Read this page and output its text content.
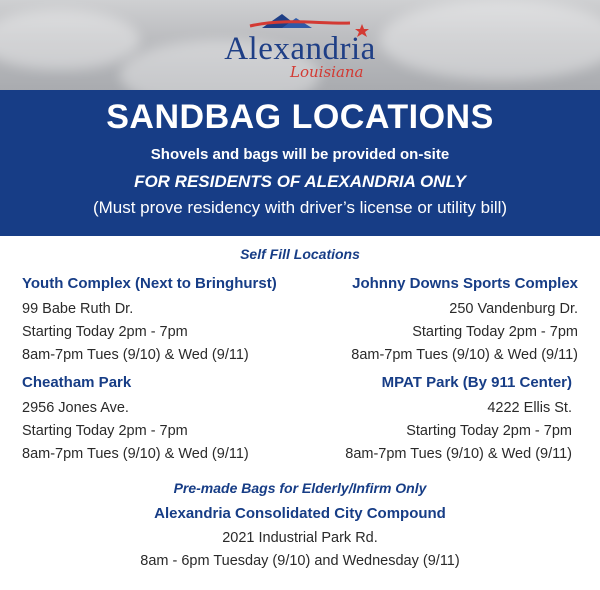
Alexandria
Louisiana
SANDBAG LOCATIONS
Shovels and bags will be provided on-site
FOR RESIDENTS OF ALEXANDRIA ONLY
(Must prove residency with driver’s license or utility bill)
Self Fill Locations
Youth Complex (Next to Bringhurst)
99 Babe Ruth Dr.
Starting Today 2pm - 7pm
8am-7pm Tues (9/10) & Wed (9/11)
Johnny Downs Sports Complex
250 Vandenburg Dr.
Starting Today 2pm - 7pm
8am-7pm Tues (9/10) & Wed (9/11)
Cheatham Park
2956 Jones Ave.
Starting Today 2pm - 7pm
8am-7pm Tues (9/10) & Wed (9/11)
MPAT Park (By 911 Center)
4222 Ellis St.
Starting Today 2pm - 7pm
8am-7pm Tues (9/10) & Wed (9/11)
Pre-made Bags for Elderly/Infirm Only
Alexandria Consolidated City Compound
2021 Industrial Park Rd.
8am - 6pm Tuesday (9/10) and Wednesday (9/11)
